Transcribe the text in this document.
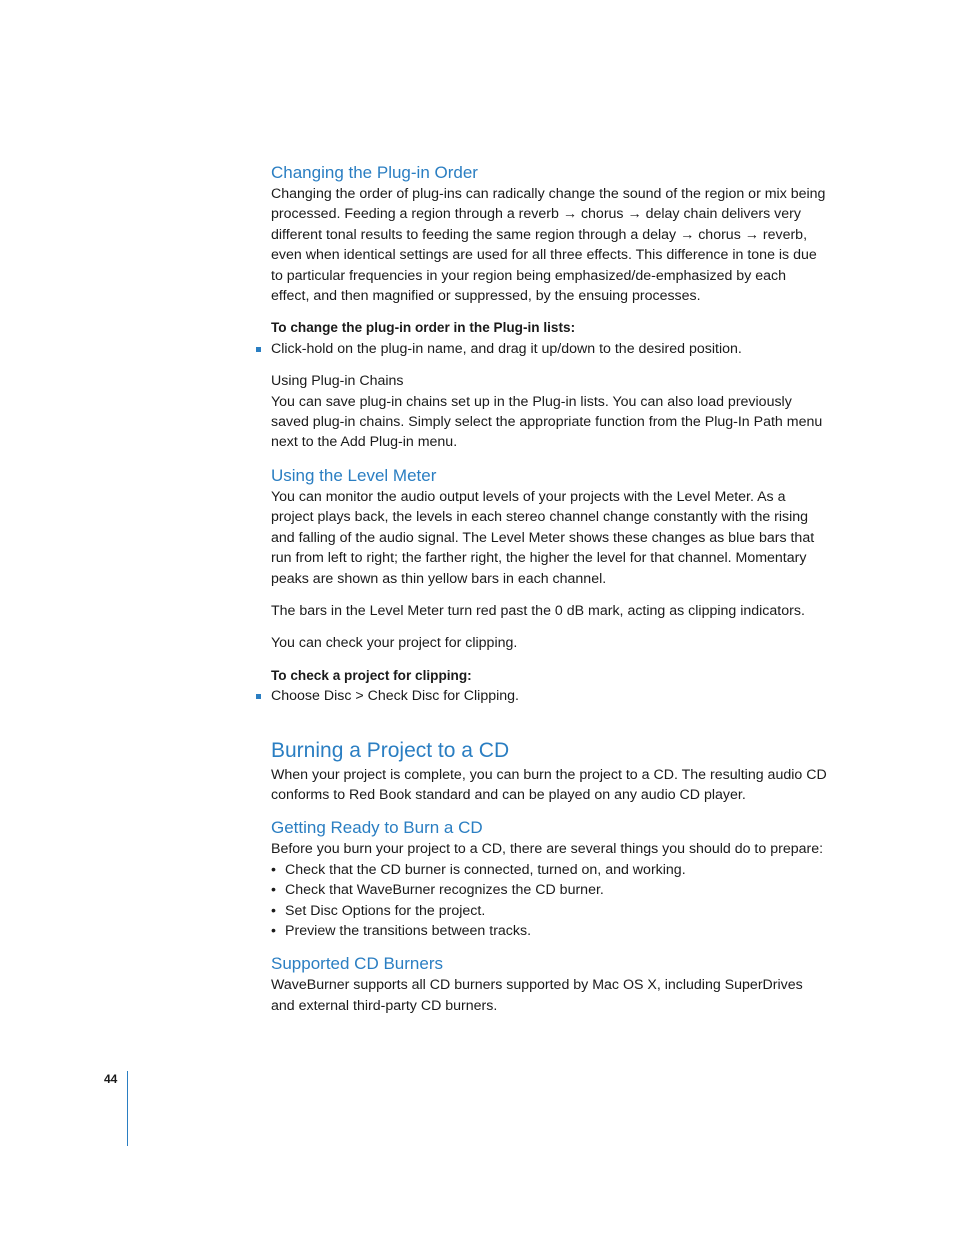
Changing the Plug-in Order

Changing the order of plug-ins can radically change the sound of the region or mix being processed. Feeding a region through a reverb → chorus → delay chain delivers very different tonal results to feeding the same region through a delay → chorus → reverb, even when identical settings are used for all three effects. This difference in tone is due to particular frequencies in your region being emphasized/de-emphasized by each effect, and then magnified or suppressed, by the ensuing processes.

To change the plug-in order in the Plug-in lists:

Click-hold on the plug-in name, and drag it up/down to the desired position.

Using Plug-in Chains

You can save plug-in chains set up in the Plug-in lists. You can also load previously saved plug-in chains. Simply select the appropriate function from the Plug-In Path menu next to the Add Plug-in menu.

Using the Level Meter

You can monitor the audio output levels of your projects with the Level Meter. As a project plays back, the levels in each stereo channel change constantly with the rising and falling of the audio signal. The Level Meter shows these changes as blue bars that run from left to right; the farther right, the higher the level for that channel. Momentary peaks are shown as thin yellow bars in each channel.

The bars in the Level Meter turn red past the 0 dB mark, acting as clipping indicators.

You can check your project for clipping.

To check a project for clipping:

Choose Disc > Check Disc for Clipping.
Burning a Project to a CD

When your project is complete, you can burn the project to a CD. The resulting audio CD conforms to Red Book standard and can be played on any audio CD player.

Getting Ready to Burn a CD

Before you burn your project to a CD, there are several things you should do to prepare:

• Check that the CD burner is connected, turned on, and working.
• Check that WaveBurner recognizes the CD burner.
• Set Disc Options for the project.
• Preview the transitions between tracks.
Supported CD Burners

WaveBurner supports all CD burners supported by Mac OS X, including SuperDrives and external third-party CD burners.

44
